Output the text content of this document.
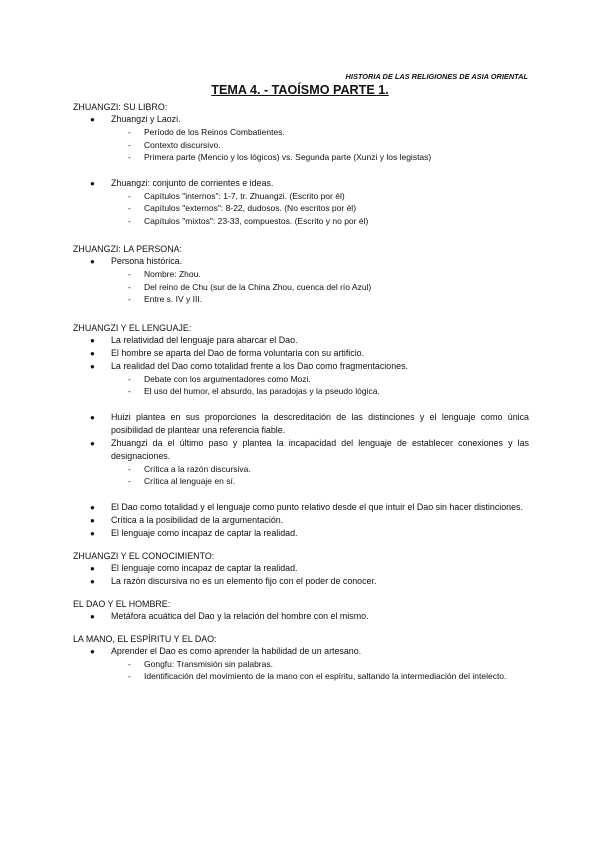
HISTORIA DE LAS RELIGIONES DE ASIA ORIENTAL
TEMA 4. - TAOÍSMO PARTE 1.
ZHUANGZI: SU LIBRO:
● Zhuangzi y Laozi.
- Período de los Reinos Combatientes.
- Contexto discursivo.
- Primera parte (Mencio y los lógicos) vs. Segunda parte (Xunzi y los legistas)
● Zhuangzi: conjunto de corrientes e ideas.
- Capítulos "internos": 1-7, tr. Zhuangzi. (Escrito por él)
- Capítulos "externos": 8-22, dudosos. (No escritos por él)
- Capítulos "mixtos": 23-33, compuestos. (Escrito y no por él)
ZHUANGZI: LA PERSONA:
● Persona histórica.
- Nombre: Zhou.
- Del reino de Chu (sur de la China Zhou, cuenca del río Azul)
- Entre s. IV y III.
ZHUANGZI Y EL LENGUAJE:
● La relatividad del lenguaje para abarcar el Dao.
● El hombre se aparta del Dao de forma voluntaria con su artificio.
● La realidad del Dao como totalidad frente a los Dao como fragmentaciones.
- Debate con los argumentadores como Mozi.
- El uso del humor, el absurdo, las paradojas y la pseudo lógica.
● Huizi plantea en sus proporciones la descreditación de las distinciones y el lenguaje como única posibilidad de plantear una referencia fiable.
● Zhuangzi da el último paso y plantea la incapacidad del lenguaje de establecer conexiones y las designaciones.
- Crítica a la razón discursiva.
- Crítica al lenguaje en sí.
● El Dao como totalidad y el lenguaje como punto relativo desde el que intuir el Dao sin hacer distinciones.
● Crítica a la posibilidad de la argumentación.
● El lenguaje como incapaz de captar la realidad.
ZHUANGZI Y EL CONOCIMIENTO:
● El lenguaje como incapaz de captar la realidad.
● La razón discursiva no es un elemento fijo con el poder de conocer.
EL DAO Y EL HOMBRE:
● Metáfora acuática del Dao y la relación del hombre con el mismo.
LA MANO, EL ESPÍRITU Y EL DAO:
● Aprender el Dao es como aprender la habilidad de un artesano.
- Gongfu: Transmisión sin palabras.
- Identificación del movimiento de la mano con el espíritu, saltando la intermediación del intelecto.
